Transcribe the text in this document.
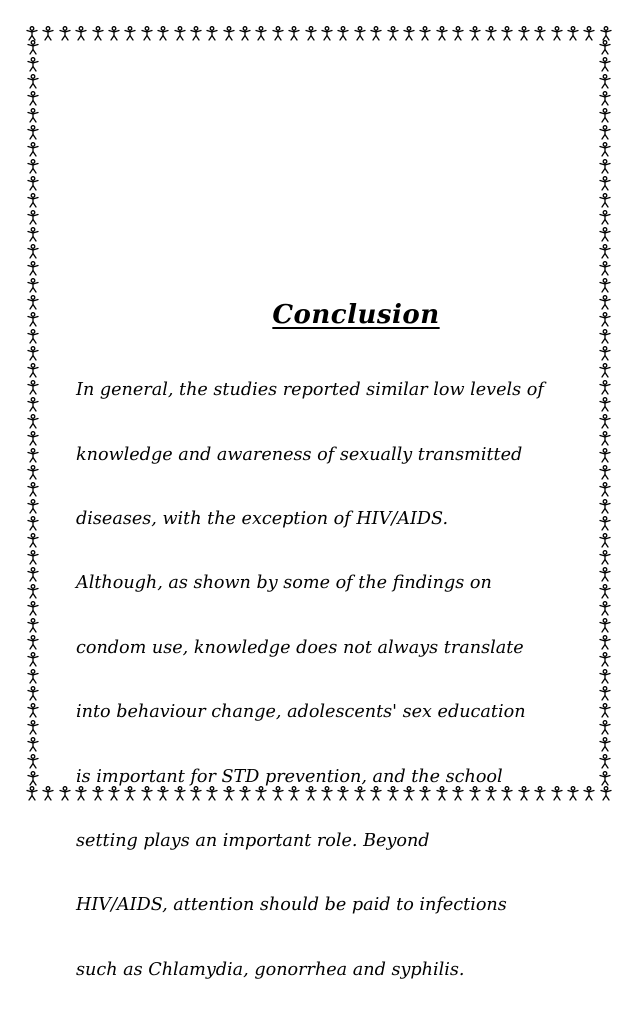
Conclusion

In general, the studies reported similar low levels of

knowledge and awareness of sexually transmitted

diseases, with the exception of HIV/AIDS.

Although, as shown by some of the findings on

condom use, knowledge does not always translate

into behaviour change, adolescents' sex education

is important for STD prevention, and the school

setting plays an important role. Beyond

HIV/AIDS, attention should be paid to infections

such as Chlamydia, gonorrhea and syphilis.
